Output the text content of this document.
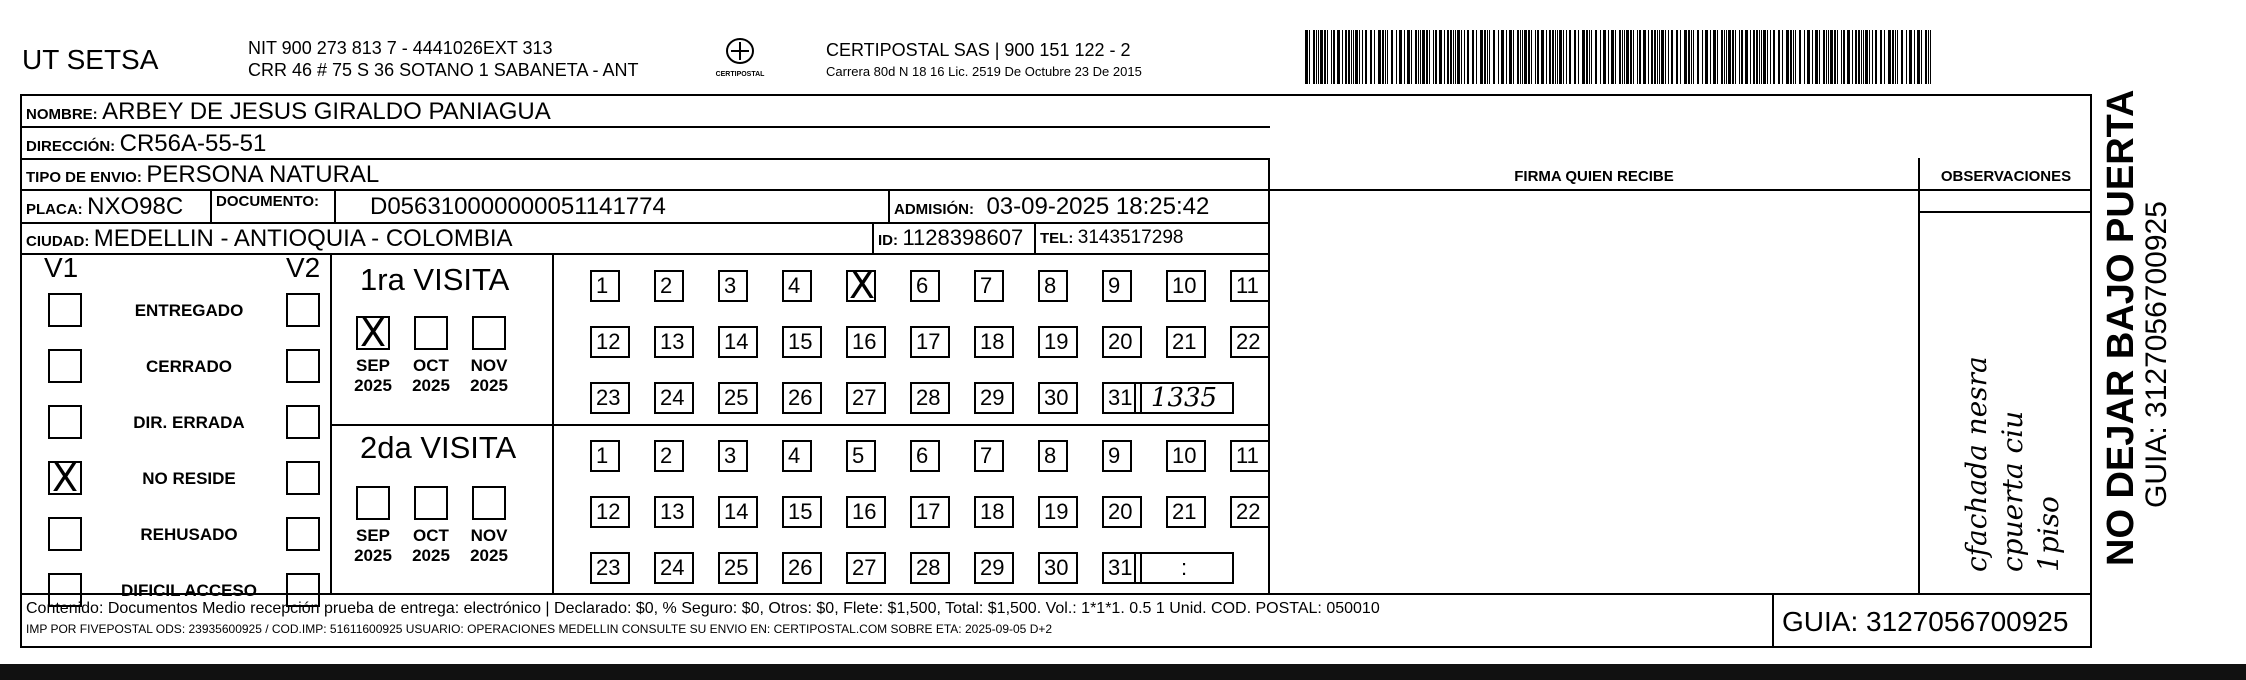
UT SETSA	NIT 900 273 813 7 - 4441026EXT 313
CRR 46 # 75 S 36 SOTANO 1 SABANETA - ANT	CERTIPOSTAL
CERTIPOSTAL SAS | 900 151 122 - 2
Carrera 80d N 18 16 Lic. 2519 De Octubre 23 De 2015
NOMBRE: ARBEY DE JESUS GIRALDO PANIAGUA
DIRECCIÓN: CR56A-55-51
TIPO DE ENVIO: PERSONA NATURAL	FIRMA QUIEN RECIBE	OBSERVACIONES
PLACA: NXO98C DOCUMENTO: D056310000000051141774	ADMISIÓN: 03-09-2025 18:25:42
CIUDAD: MEDELLIN - ANTIOQUIA - COLOMBIA	ID: 1128398607 TEL: 3143517298
V1	V2 1ra VISITA
2da VISITA	cfachada nesra cpuerta ciu 1piso
Contenido: Documentos Medio recepción prueba de entrega: electrónico | Declarado: $0, % Seguro: $0, Otros: $0, Flete: $1,500, Total: $1,500. Vol.: 1*1*1. 0.5 1 Unid. COD. POSTAL: 050010
IMP POR FIVEPOSTAL ODS: 23935600925 / COD.IMP: 51611600925 USUARIO: OPERACIONES MEDELLIN CONSULTE SU ENVIO EN: CERTIPOSTAL.COM SOBRE ETA: 2025-09-05 D+2	GUIA: 3127056700925
NO DEJAR BAJO PUERTA
GUIA: 3127056700925
ENTREGADO
CERRADO
DIR. ERRADA
X	NO RESIDE
REHUSADO
DIFICIL ACCESO
X
SEP
2025
OCT
2025
NOV
2025
SEP
2025
OCT
2025
NOV
2025
1	2	3	4	X 6	7	8	9	10	11
12	13	14	15	16	17	18	19	20	21	22
23	24	25	26	27	28	29	30	31 1335
1	2	3	4	5	6	7	8	9	10	11
12	13	14	15	16	17	18	19	20	21	22
23	24	25	26	27	28	29	30	31	:
